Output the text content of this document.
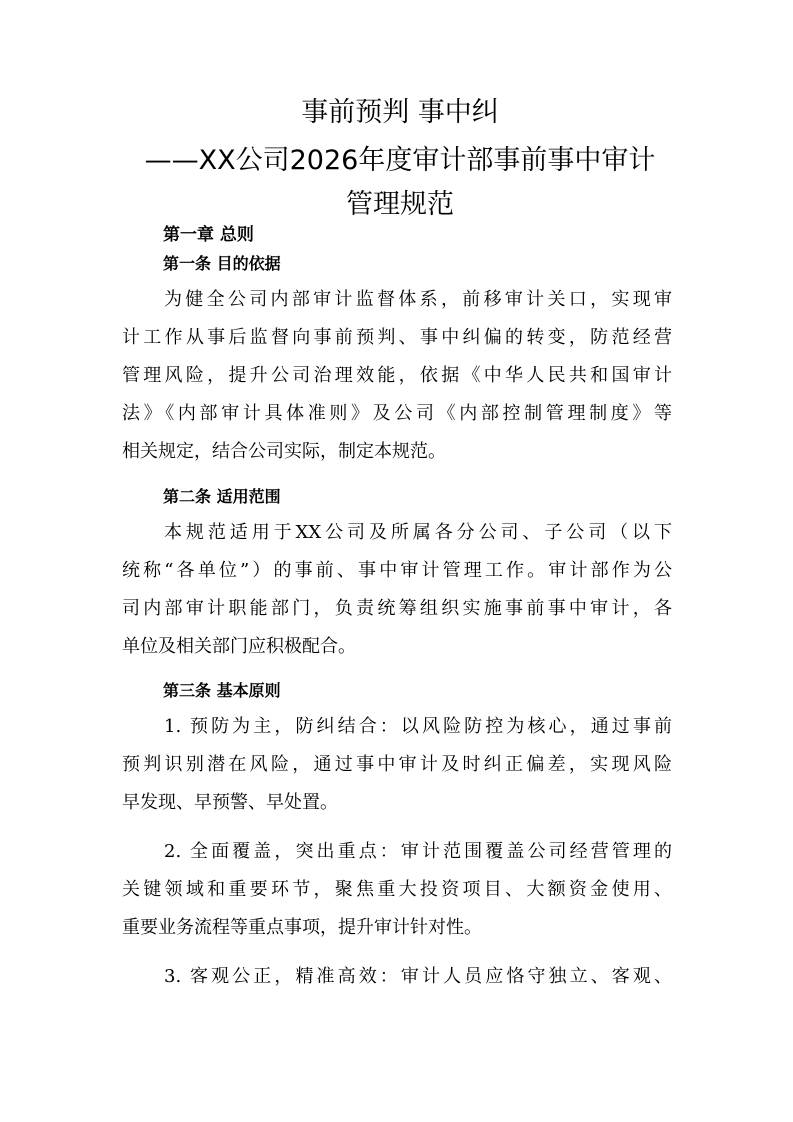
事前预判 事中纠
——XX公司2026年度审计部事前事中审计
管理规范
第一章 总则
第一条 目的依据
为健全公司内部审计监督体系，前移审计关口，实现审
计工作从事后监督向事前预判、事中纠偏的转变，防范经营
管理风险，提升公司治理效能，依据《中华人民共和国审计
法》《内部审计具体准则》及公司《内部控制管理制度》等
相关规定，结合公司实际，制定本规范。
第二条 适用范围
本规范适用于XX公司及所属各分公司、子公司（以下
统称“各单位”）的事前、事中审计管理工作。审计部作为公
司内部审计职能部门，负责统筹组织实施事前事中审计，各
单位及相关部门应积极配合。
第三条 基本原则
1. 预防为主，防纠结合：以风险防控为核心，通过事前
预判识别潜在风险，通过事中审计及时纠正偏差，实现风险
早发现、早预警、早处置。
2. 全面覆盖，突出重点：审计范围覆盖公司经营管理的
关键领域和重要环节，聚焦重大投资项目、大额资金使用、
重要业务流程等重点事项，提升审计针对性。
3. 客观公正，精准高效：审计人员应恪守独立、客观、
